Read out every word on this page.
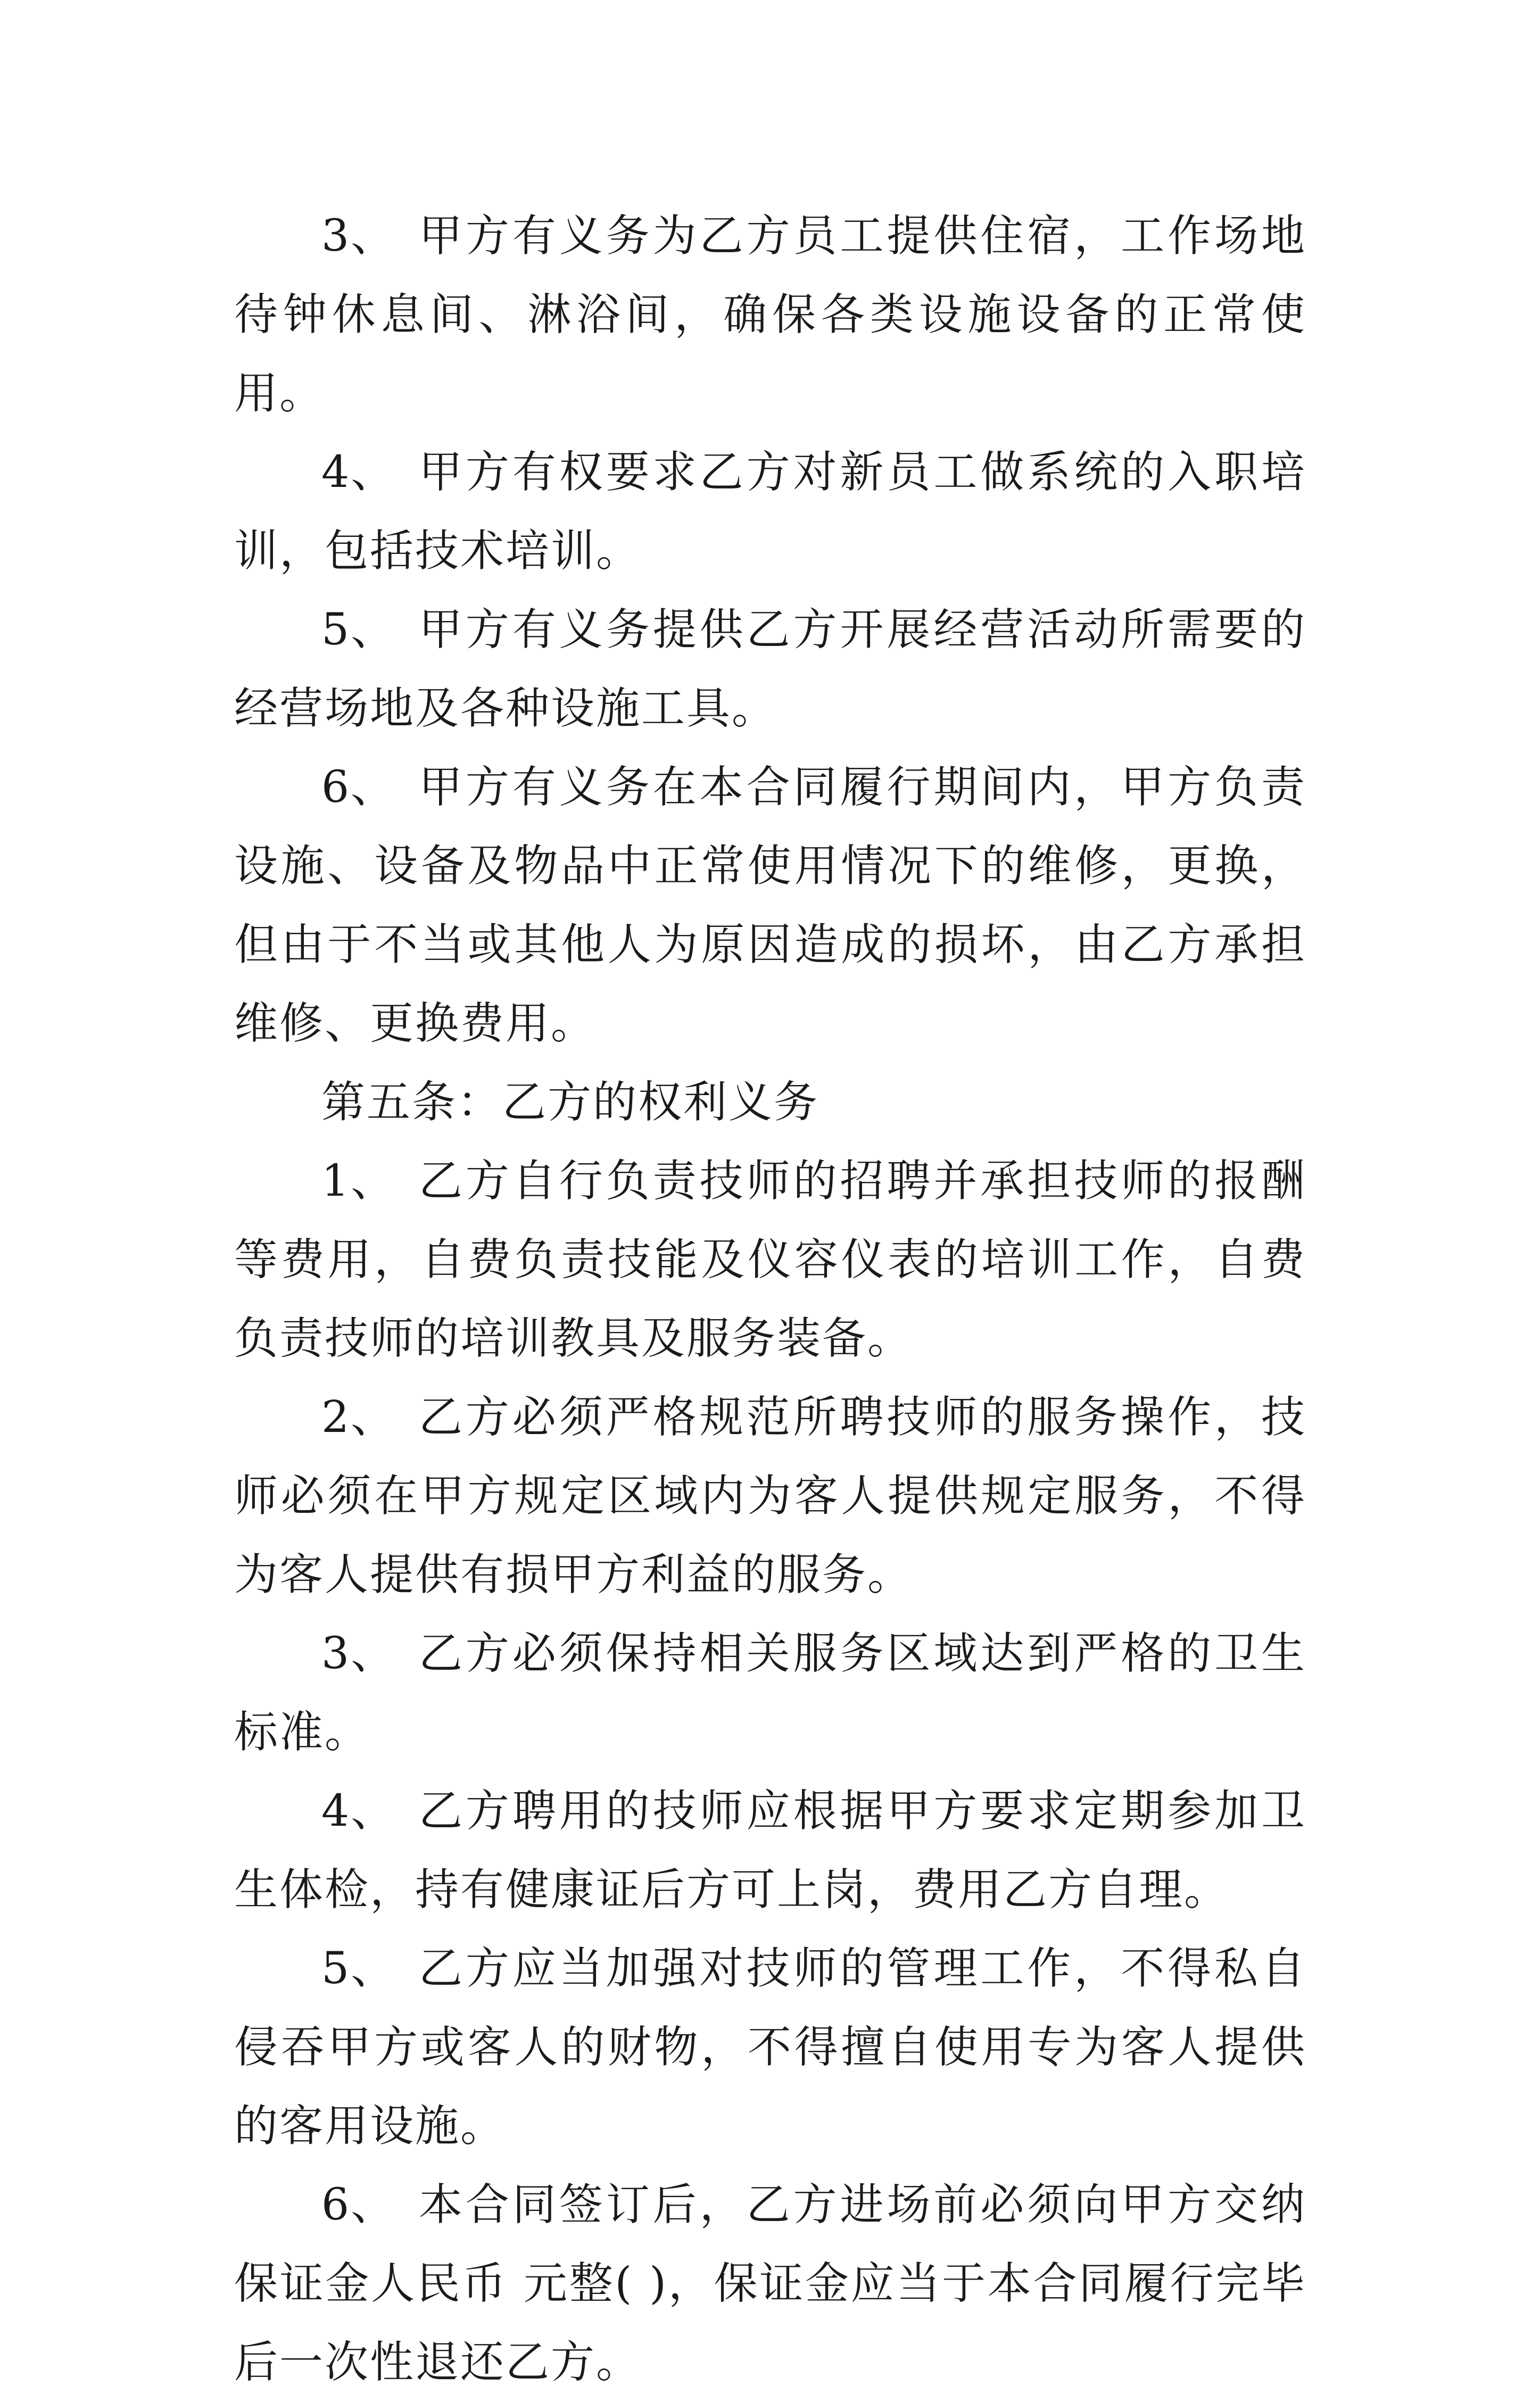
3、 甲方有义务为乙方员工提供住宿，工作场地待钟休息间、淋浴间，确保各类设施设备的正常使用。

4、 甲方有权要求乙方对新员工做系统的入职培训，包括技术培训。

5、 甲方有义务提供乙方开展经营活动所需要的经营场地及各种设施工具。

6、 甲方有义务在本合同履行期间内，甲方负责设施、设备及物品中正常使用情况下的维修，更换，但由于不当或其他人为原因造成的损坏，由乙方承担维修、更换费用。

第五条：乙方的权利义务

1、 乙方自行负责技师的招聘并承担技师的报酬等费用，自费负责技能及仪容仪表的培训工作，自费负责技师的培训教具及服务装备。

2、 乙方必须严格规范所聘技师的服务操作，技师必须在甲方规定区域内为客人提供规定服务，不得为客人提供有损甲方利益的服务。

3、 乙方必须保持相关服务区域达到严格的卫生标准。

4、 乙方聘用的技师应根据甲方要求定期参加卫生体检，持有健康证后方可上岗，费用乙方自理。

5、 乙方应当加强对技师的管理工作，不得私自侵吞甲方或客人的财物，不得擅自使用专为客人提供的客用设施。

6、 本合同签订后，乙方进场前必须向甲方交纳保证金人民币 元整( )，保证金应当于本合同履行完毕后一次性退还乙方。
